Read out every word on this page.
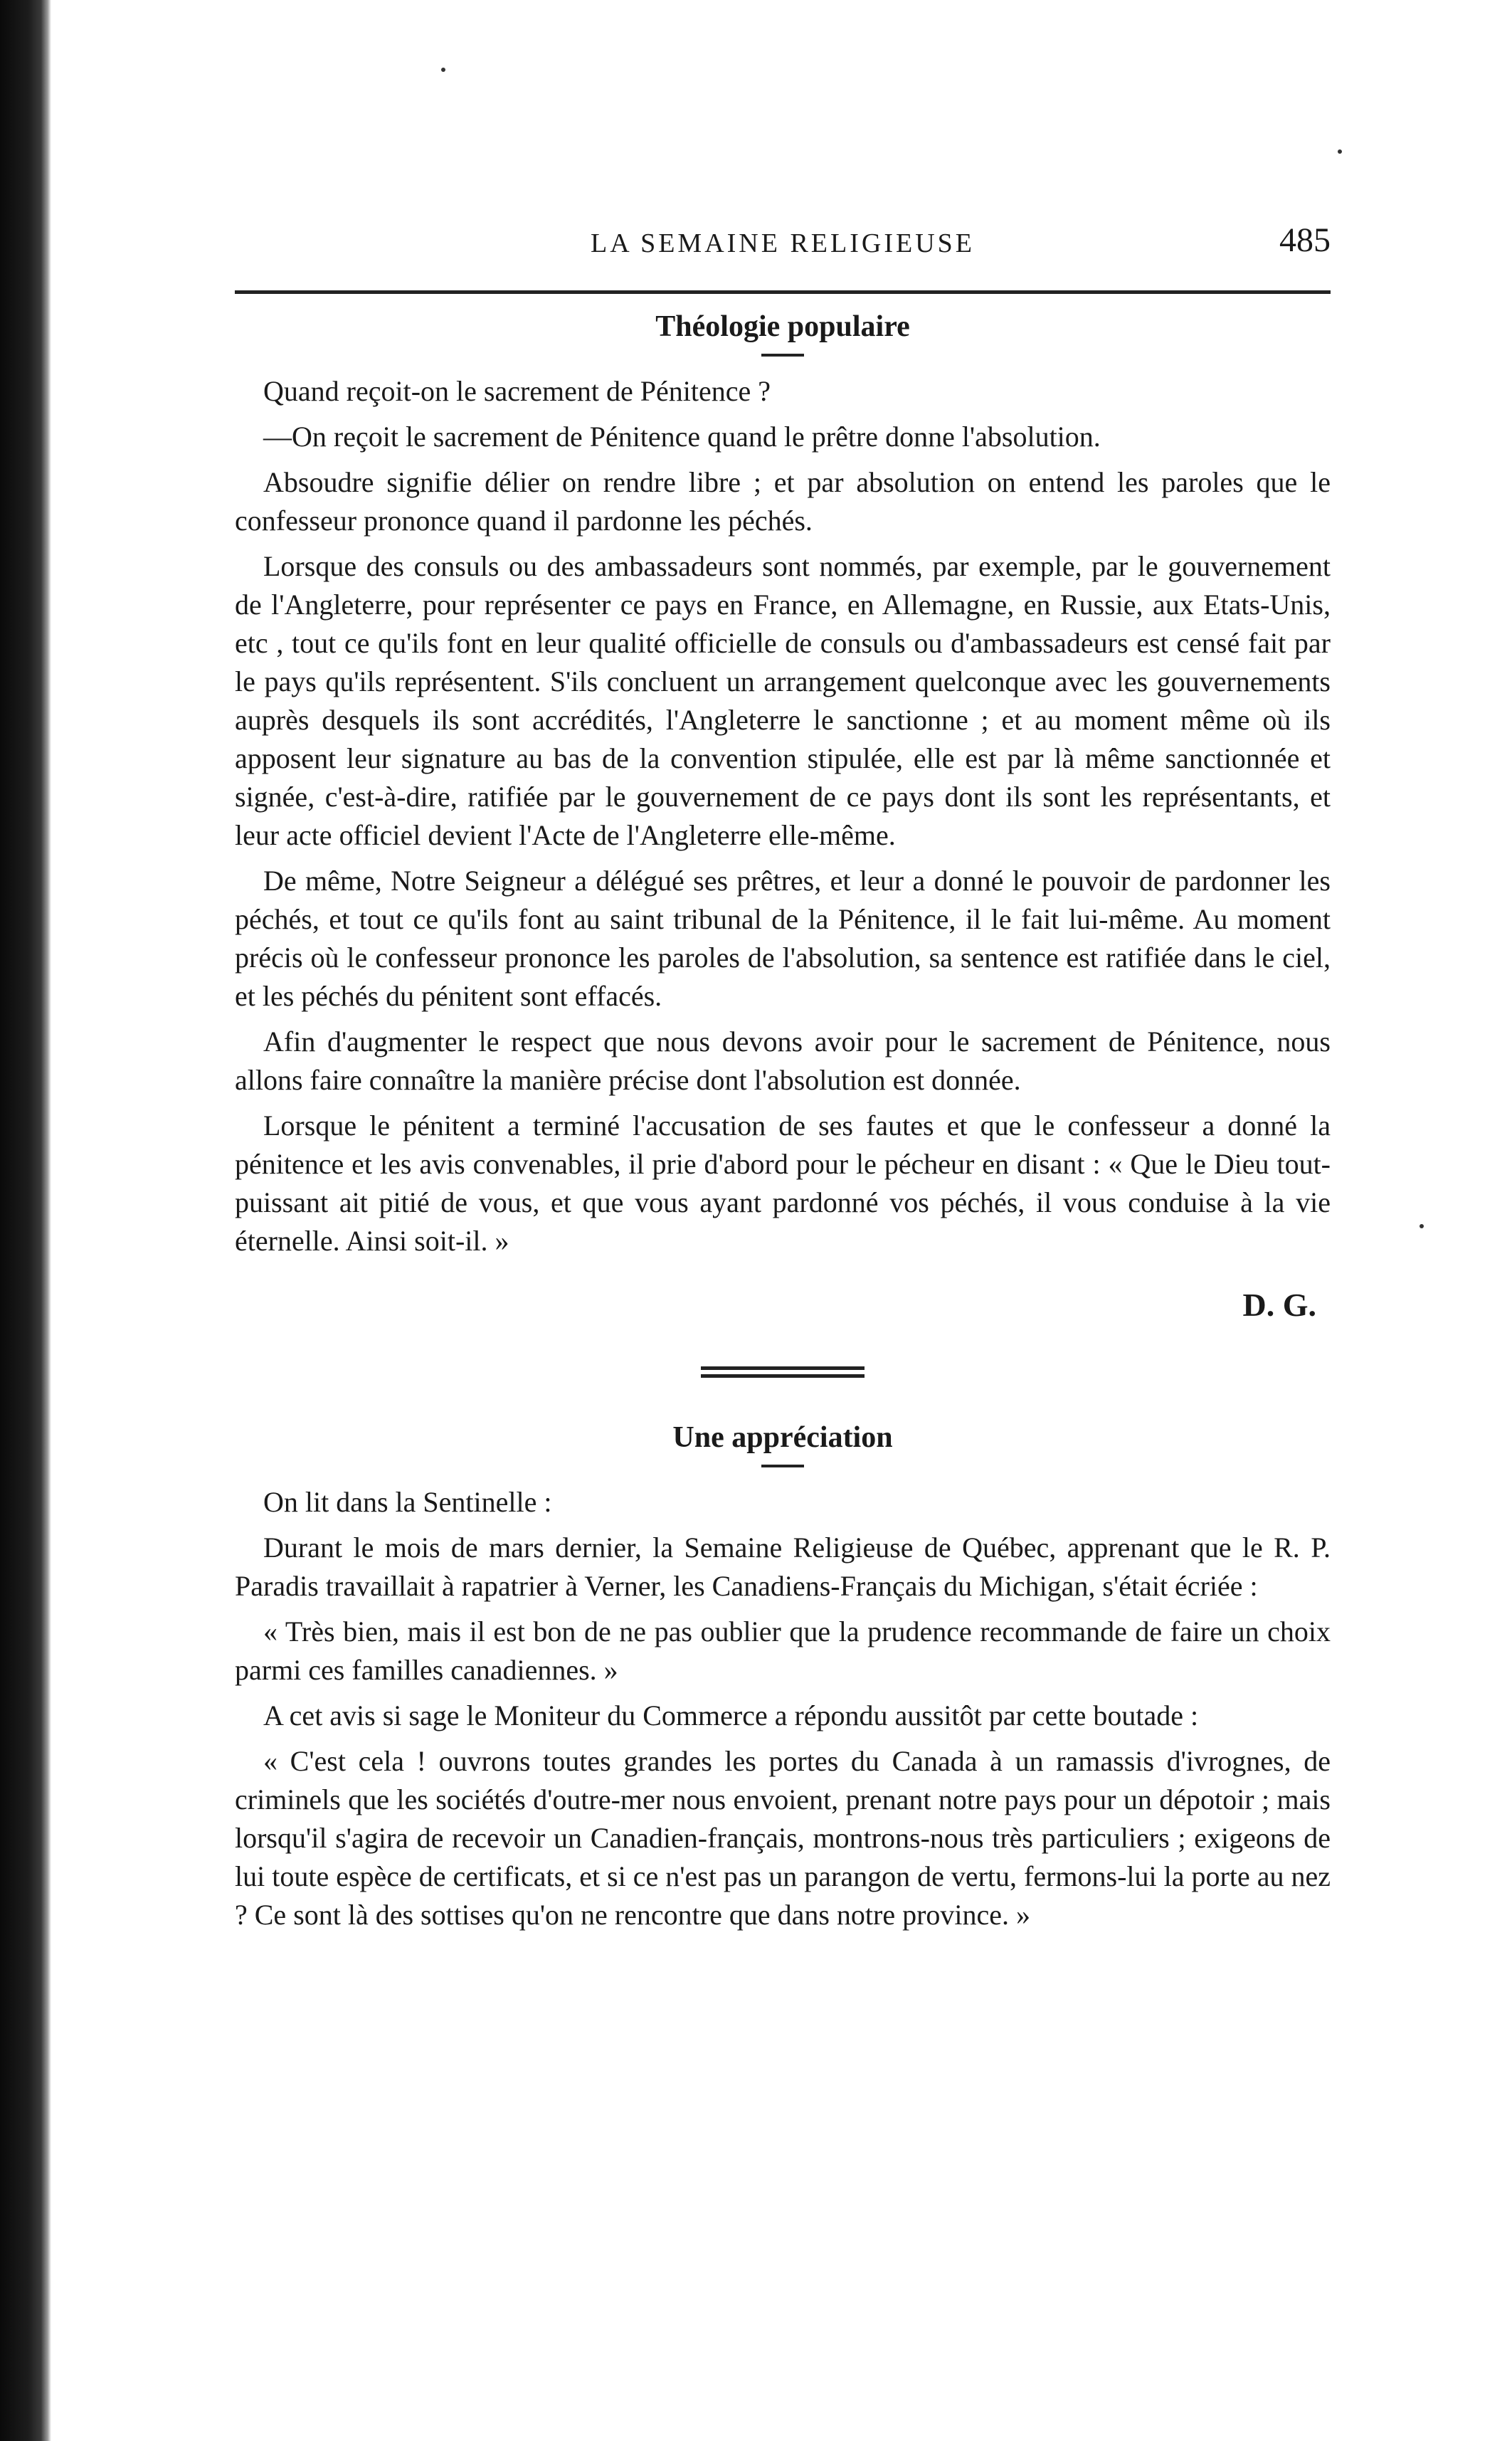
LA SEMAINE RELIGIEUSE	485
Théologie populaire

Quand reçoit-on le sacrement de Pénitence ?

—On reçoit le sacrement de Pénitence quand le prêtre donne l'absolution.

Absoudre signifie délier on rendre libre ; et par absolution on entend les paroles que le confesseur prononce quand il pardonne les péchés.

Lorsque des consuls ou des ambassadeurs sont nommés, par exemple, par le gouvernement de l'Angleterre, pour représenter ce pays en France, en Allemagne, en Russie, aux Etats-Unis, etc , tout ce qu'ils font en leur qualité officielle de consuls ou d'ambassadeurs est censé fait par le pays qu'ils représentent. S'ils concluent un arrangement quelconque avec les gouvernements auprès desquels ils sont accrédités, l'Angleterre le sanctionne ; et au moment même où ils apposent leur signature au bas de la convention stipulée, elle est par là même sanctionnée et signée, c'est-à-dire, ratifiée par le gouvernement de ce pays dont ils sont les représentants, et leur acte officiel devient l'Acte de l'Angleterre elle-même.

De même, Notre Seigneur a délégué ses prêtres, et leur a donné le pouvoir de pardonner les péchés, et tout ce qu'ils font au saint tribunal de la Pénitence, il le fait lui-même. Au moment précis où le confesseur prononce les paroles de l'absolution, sa sentence est ratifiée dans le ciel, et les péchés du pénitent sont effacés.

Afin d'augmenter le respect que nous devons avoir pour le sacrement de Pénitence, nous allons faire connaître la manière précise dont l'absolution est donnée.

Lorsque le pénitent a terminé l'accusation de ses fautes et que le confesseur a donné la pénitence et les avis convenables, il prie d'abord pour le pécheur en disant : « Que le Dieu tout-puissant ait pitié de vous, et que vous ayant pardonné vos péchés, il vous conduise à la vie éternelle. Ainsi soit-il. »

D. G.
Une appréciation

On lit dans la Sentinelle :

Durant le mois de mars dernier, la Semaine Religieuse de Québec, apprenant que le R. P. Paradis travaillait à rapatrier à Verner, les Canadiens-Français du Michigan, s'était écriée :

« Très bien, mais il est bon de ne pas oublier que la prudence recommande de faire un choix parmi ces familles canadiennes. »

A cet avis si sage le Moniteur du Commerce a répondu aussitôt par cette boutade :

« C'est cela ! ouvrons toutes grandes les portes du Canada à un ramassis d'ivrognes, de criminels que les sociétés d'outre-mer nous envoient, prenant notre pays pour un dépotoir ; mais lorsqu'il s'agira de recevoir un Canadien-français, montrons-nous très particuliers ; exigeons de lui toute espèce de certificats, et si ce n'est pas un parangon de vertu, fermons-lui la porte au nez ? Ce sont là des sottises qu'on ne rencontre que dans notre province. »
